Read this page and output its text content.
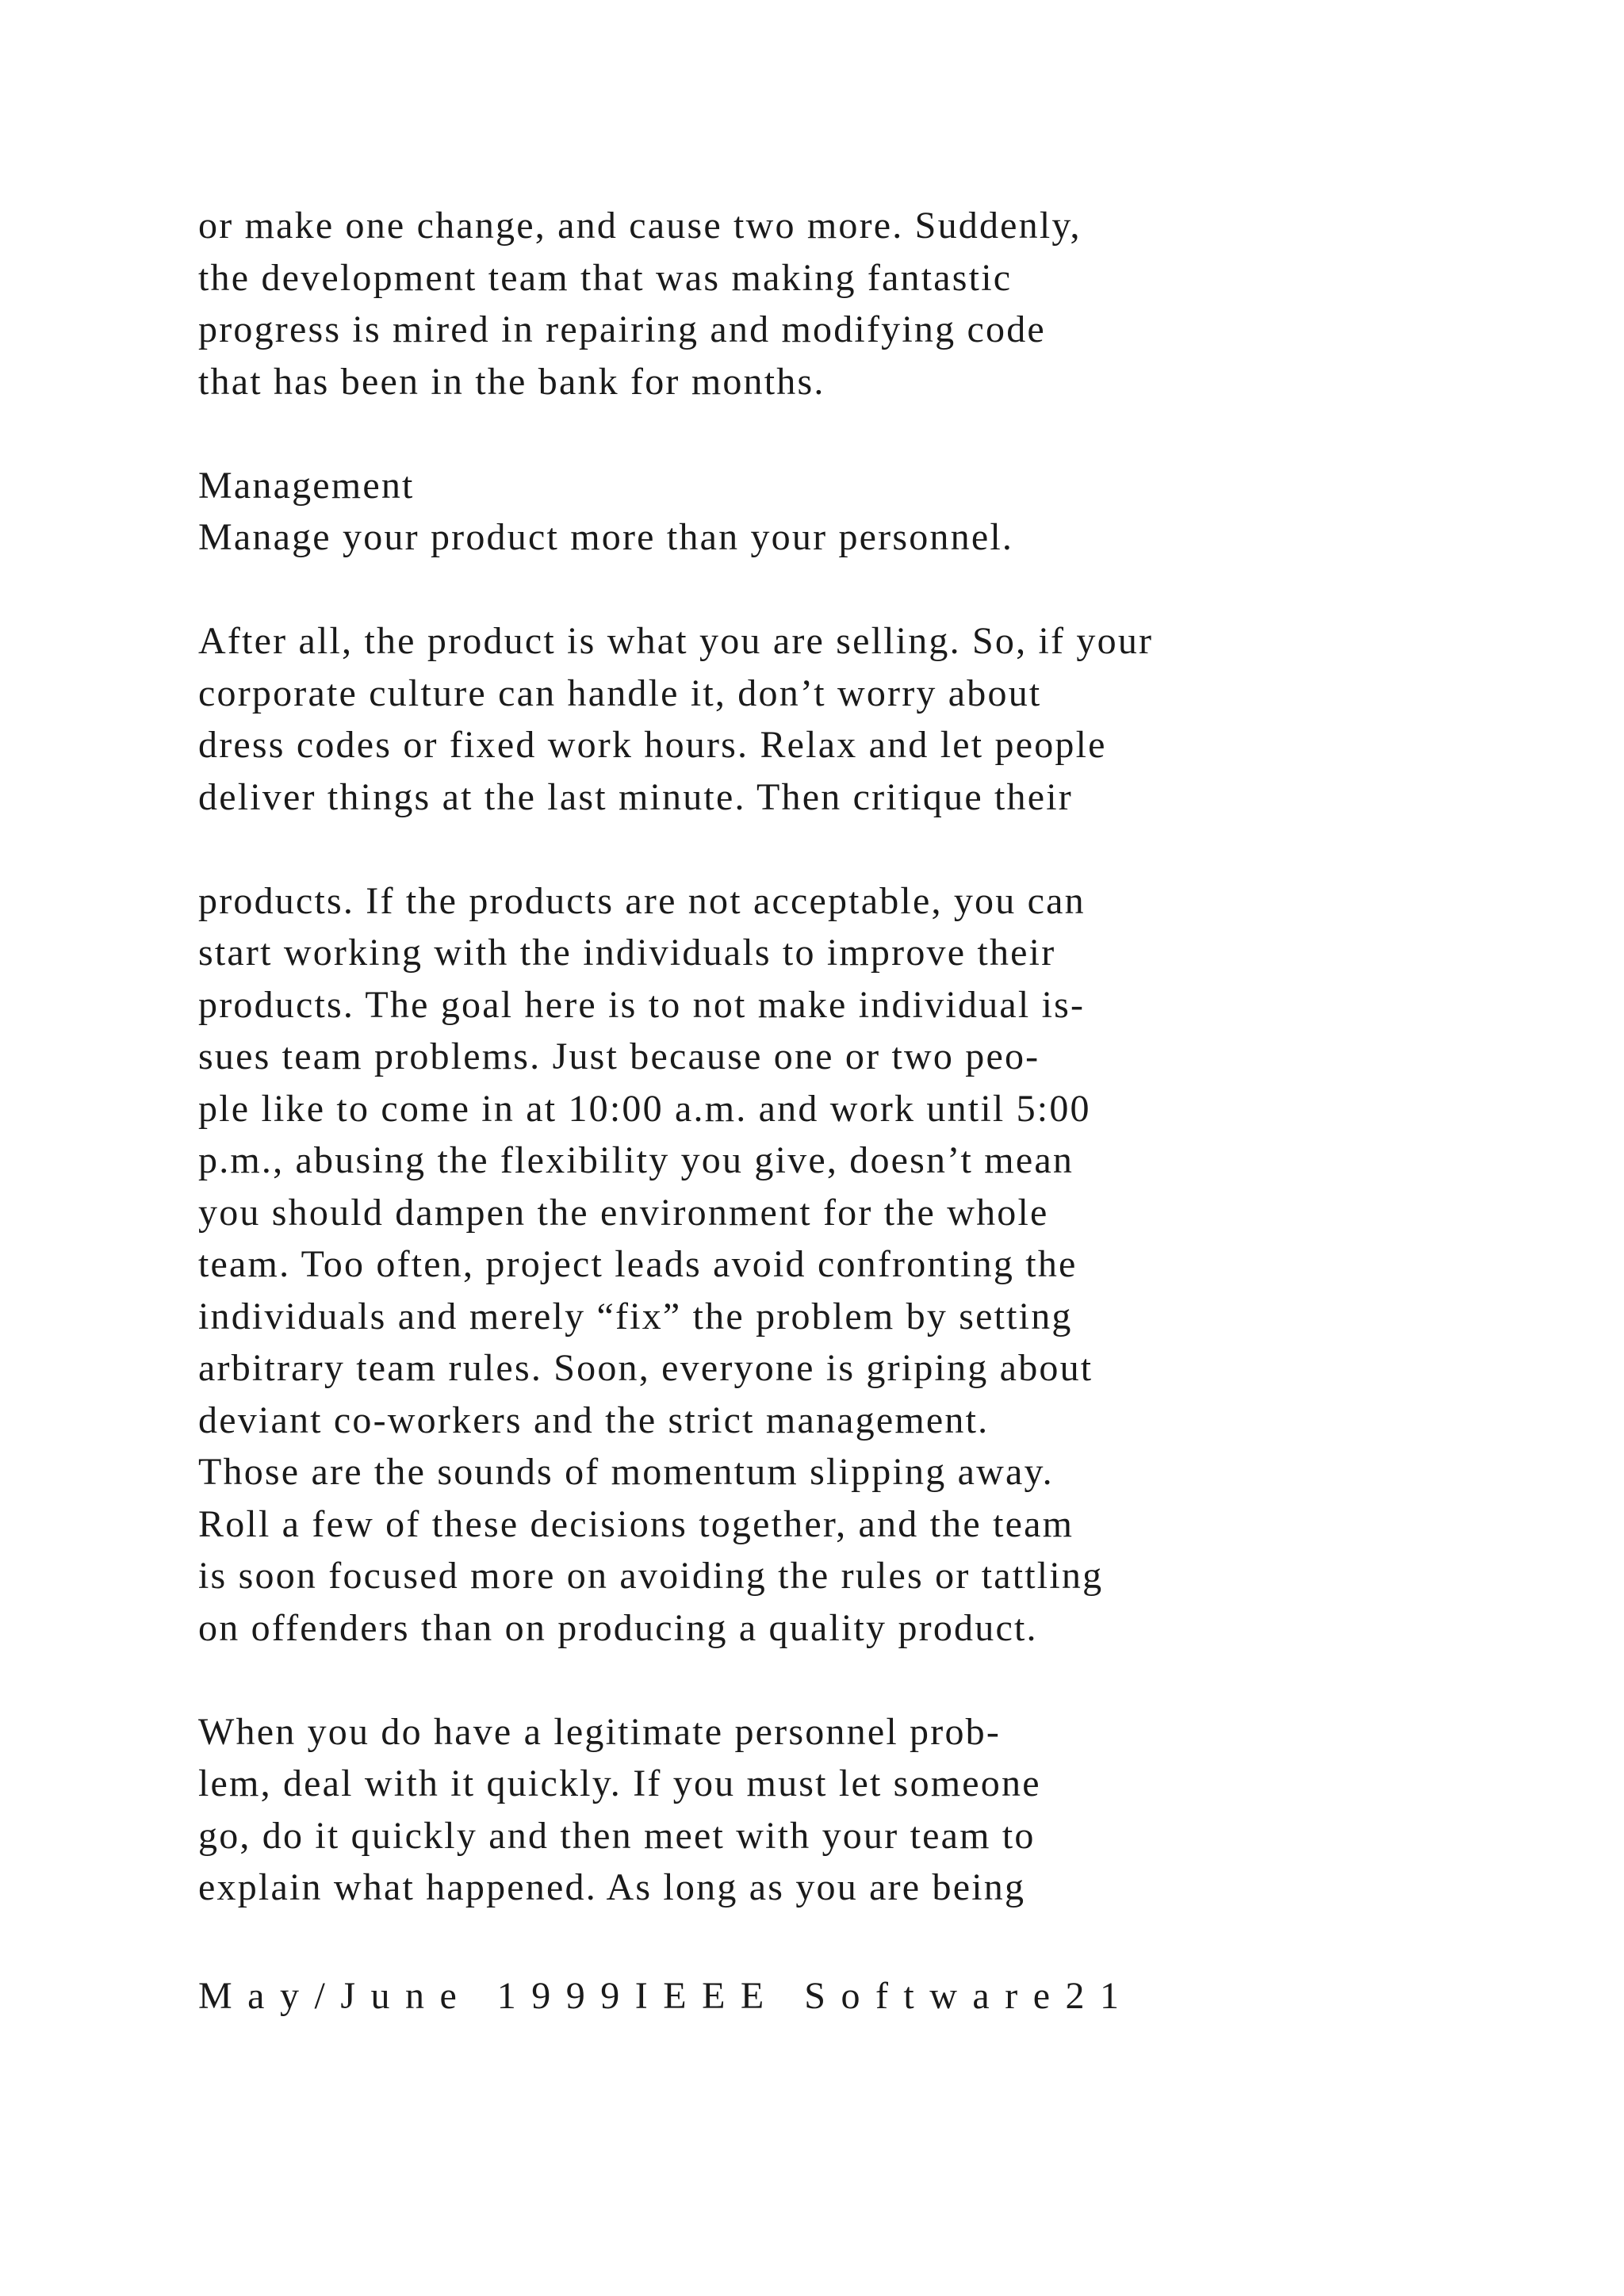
or make one change, and cause two more. Suddenly,
the development team that was making fantastic
progress is mired in repairing and modifying code
that has been in the bank for months.
Management
Manage your product more than your personnel.
After all, the product is what you are selling. So, if your
corporate culture can handle it, don’t worry about
dress codes or fixed work hours. Relax and let people
deliver things at the last minute. Then critique their
products. If the products are not acceptable, you can
start working with the individuals to improve their
products. The goal here is to not make individual is-
sues team problems. Just because one or two peo-
ple like to come in at 10:00 a.m. and work until 5:00
p.m., abusing the flexibility you give, doesn’t mean
you should dampen the environment for the whole
team. Too often, project leads avoid confronting the
individuals and merely “fix” the problem by setting
arbitrary team rules. Soon, everyone is griping about
deviant co-workers and the strict management.
Those are the sounds of momentum slipping away.
Roll a few of these decisions together, and the team
is soon focused more on avoiding the rules or tattling
on offenders than on producing a quality product.
When you do have a legitimate personnel prob-
lem, deal with it quickly. If you must let someone
go, do it quickly and then meet with your team to
explain what happened. As long as you are being
May/June 1999IEEE Software21
